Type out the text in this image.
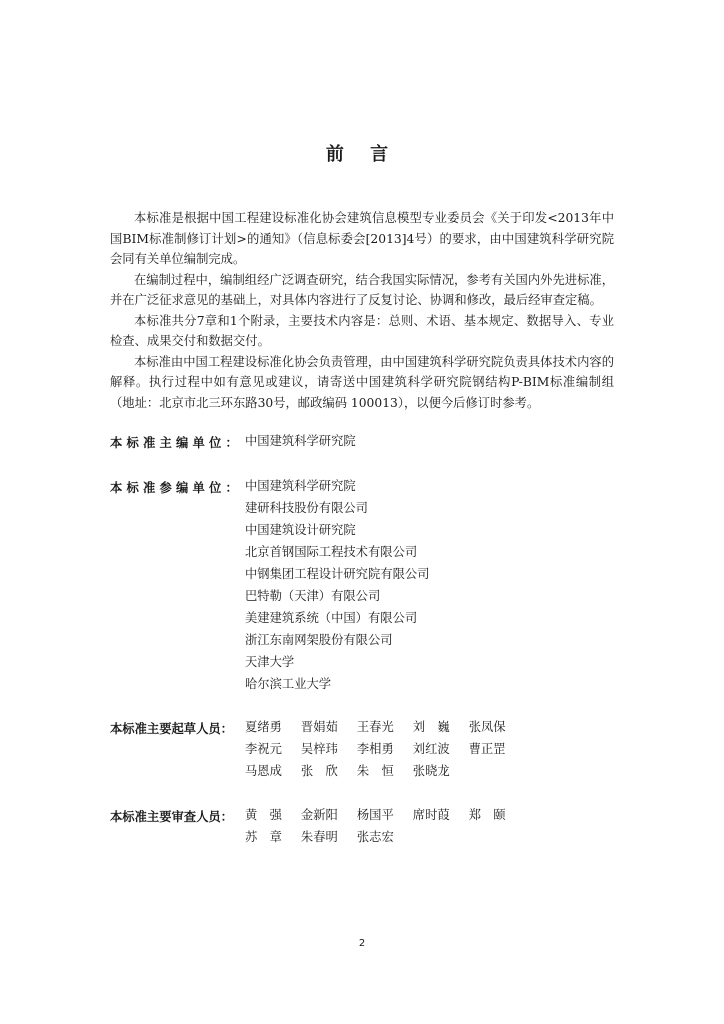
前 言

本标准是根据中国工程建设标准化协会建筑信息模型专业委员会《关于印发<2013年中国BIM标准制修订计划>的通知》（信息标委会[2013]4号）的要求，由中国建筑科学研究院会同有关单位编制完成。

在编制过程中，编制组经广泛调查研究，结合我国实际情况，参考有关国内外先进标准，并在广泛征求意见的基础上，对具体内容进行了反复讨论、协调和修改，最后经审查定稿。

本标准共分7章和1个附录，主要技术内容是：总则、术语、基本规定、数据导入、专业检查、成果交付和数据交付。

本标准由中国工程建设标准化协会负责管理，由中国建筑科学研究院负责具体技术内容的解释。执行过程中如有意见或建议，请寄送中国建筑科学研究院钢结构P-BIM标准编制组（地址：北京市北三环东路30号，邮政编码 100013），以便今后修订时参考。

本标准主编单位： 中国建筑科学研究院
本标准参编单位： 中国建筑科学研究院
建研科技股份有限公司
中国建筑设计研究院
北京首钢国际工程技术有限公司
中钢集团工程设计研究院有限公司
巴特勒（天津）有限公司
美建建筑系统（中国）有限公司
浙江东南网架股份有限公司
天津大学
哈尔滨工业大学
本标准主要起草人员： 夏绪勇 晋娟茹 王春光 刘　巍 张凤保
李祝元 吴梓玮 李相勇 刘红波 曹正罡
马恩成 张　欣 朱　恒 张晓龙
本标准主要审查人员： 黄　强 金新阳 杨国平 席时葭 郑　颐
苏　章 朱春明 张志宏
2
